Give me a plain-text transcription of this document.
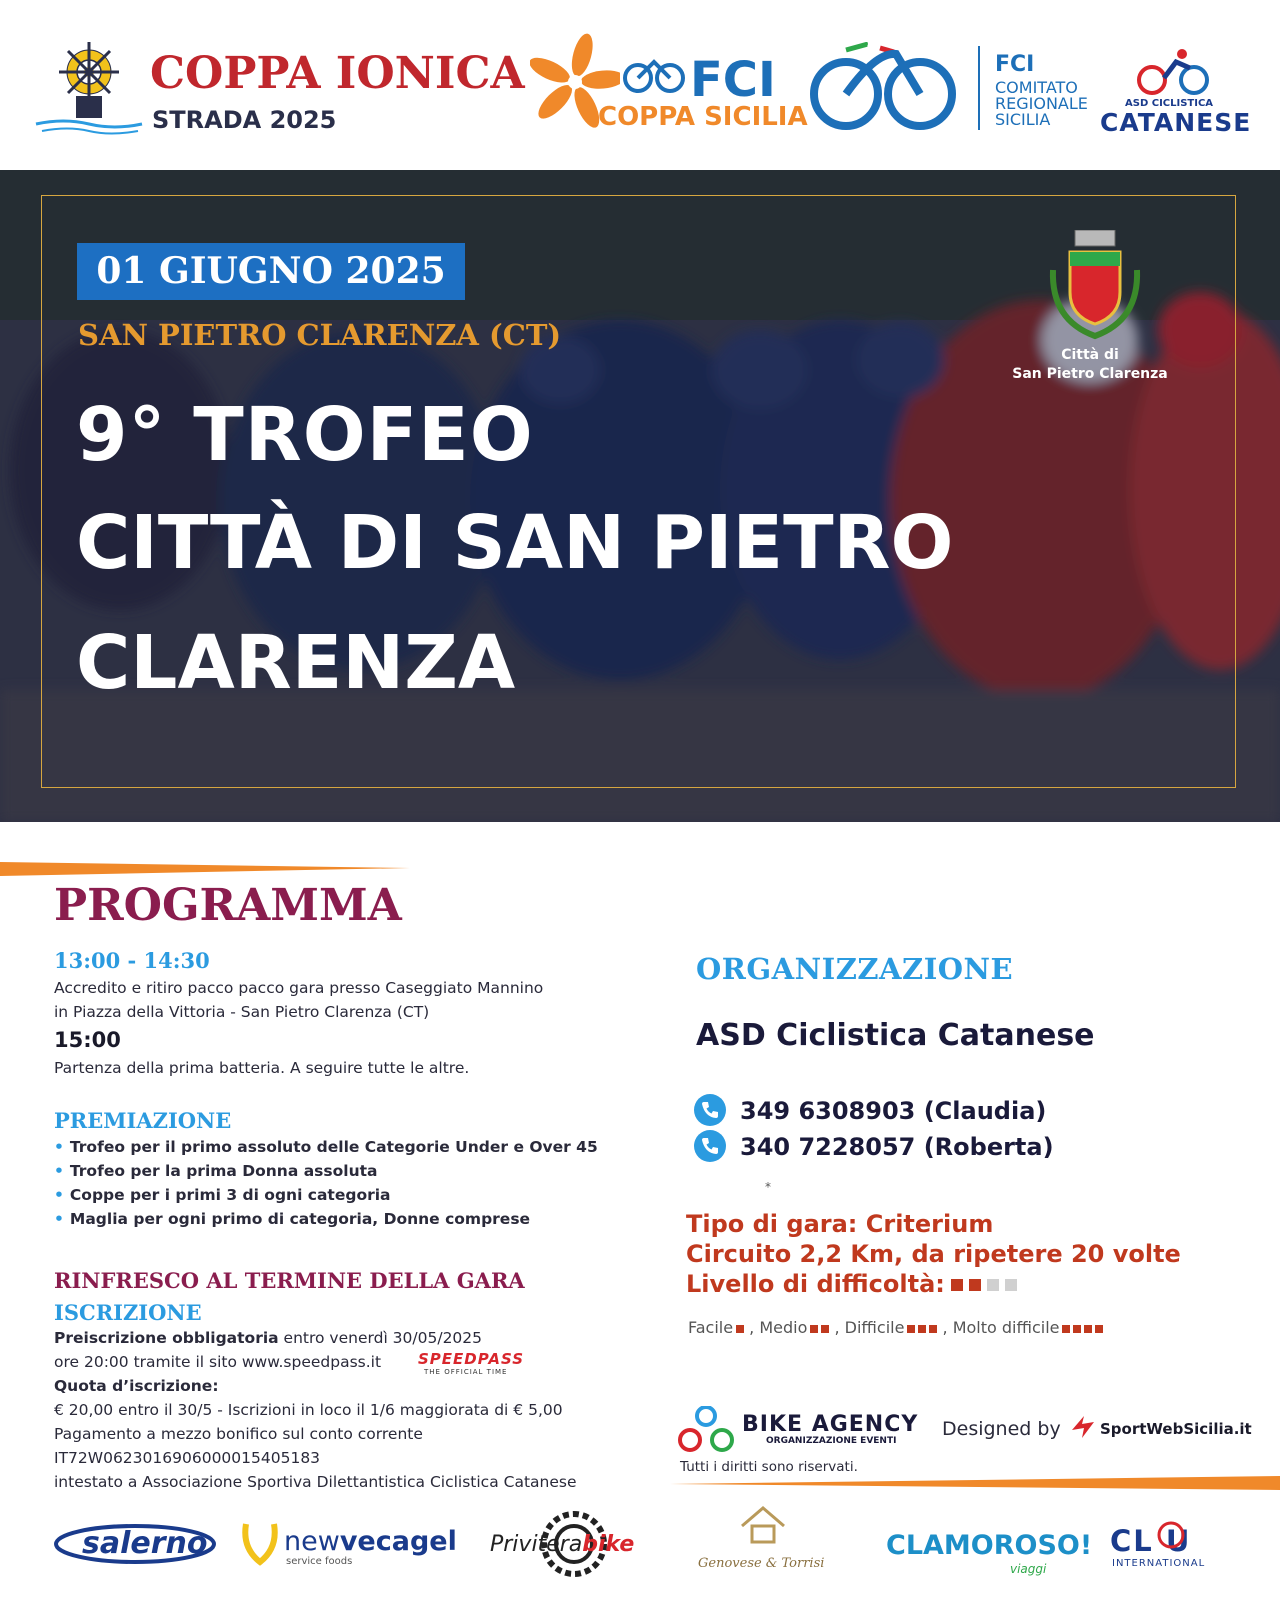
COPPA IONICA
STRADA 2025
FCI
COPPA SICILIA
FCI
COMITATO
REGIONALE
SICILIA
ASD CICLISTICA
CATANESE
01 GIUGNO 2025
SAN PIETRO CLARENZA (CT)
9° TROFEO
CITTÀ DI SAN PIETRO
CLARENZA
Città di
San Pietro Clarenza
PROGRAMMA
13:00 - 14:30
Accredito e ritiro pacco pacco gara presso Caseggiato Mannino
in Piazza della Vittoria - San Pietro Clarenza (CT)
15:00
Partenza della prima batteria. A seguire tutte le altre.
PREMIAZIONE
• Trofeo per il primo assoluto delle Categorie Under e Over 45
• Trofeo per la prima Donna assoluta
• Coppe per i primi 3 di ogni categoria
• Maglia per ogni primo di categoria, Donne comprese
RINFRESCO AL TERMINE DELLA GARA
ISCRIZIONE
Preiscrizione obbligatoria entro venerdì 30/05/2025
ore 20:00 tramite il sito www.speedpass.it SPEEDPASS
THE OFFICIAL TIME
Quota d’iscrizione:
€ 20,00 entro il 30/5 - Iscrizioni in loco il 1/6 maggiorata di € 5,00
Pagamento a mezzo bonifico sul conto corrente
IT72W0623016906000015405183
intestato a Associazione Sportiva Dilettantistica Ciclistica Catanese
ORGANIZZAZIONE
ASD Ciclistica Catanese
349 6308903 (Claudia)
340 7228057 (Roberta)
*
Tipo di gara: Criterium
Circuito 2,2 Km, da ripetere 20 volte
Livello di difficoltà:
Facile , Medio , Difficile , Molto difficile
BIKE AGENCY
ORGANIZZAZIONE EVENTI
Designed by	SportWebSicilia.it
Tutti i diritti sono riservati.
salerno	newvecagel
service foods
Priviterabike
Genovese & Torrisi
CLAMOROSO!
viaggi
CL U
INTERNATIONAL
